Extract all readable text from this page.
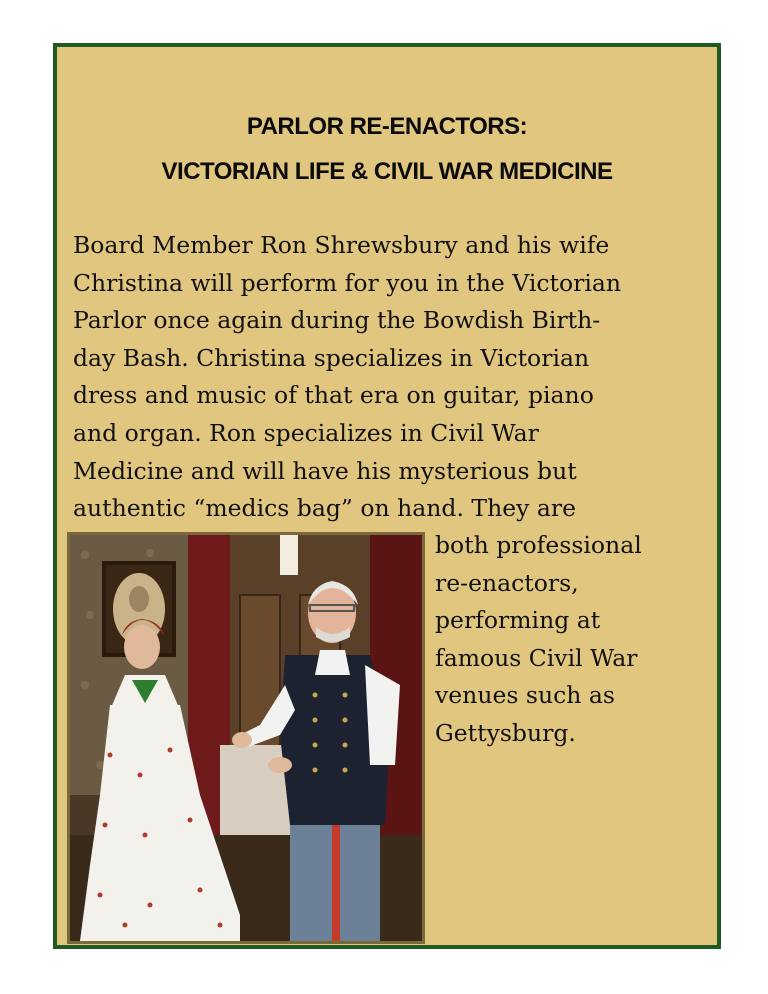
PARLOR RE-ENACTORS:
VICTORIAN LIFE & CIVIL WAR MEDICINE
Board Member Ron Shrewsbury and his wife
Christina will perform for you in the Victorian
Parlor once again during the Bowdish Birth-
day Bash. Christina specializes in Victorian
dress and music of that era on guitar, piano
and organ. Ron specializes in Civil War
Medicine and will have his mysterious but
authentic “medics bag” on hand. They are
both professional
re-enactors,
performing at
famous Civil War
venues such as
Gettysburg.
